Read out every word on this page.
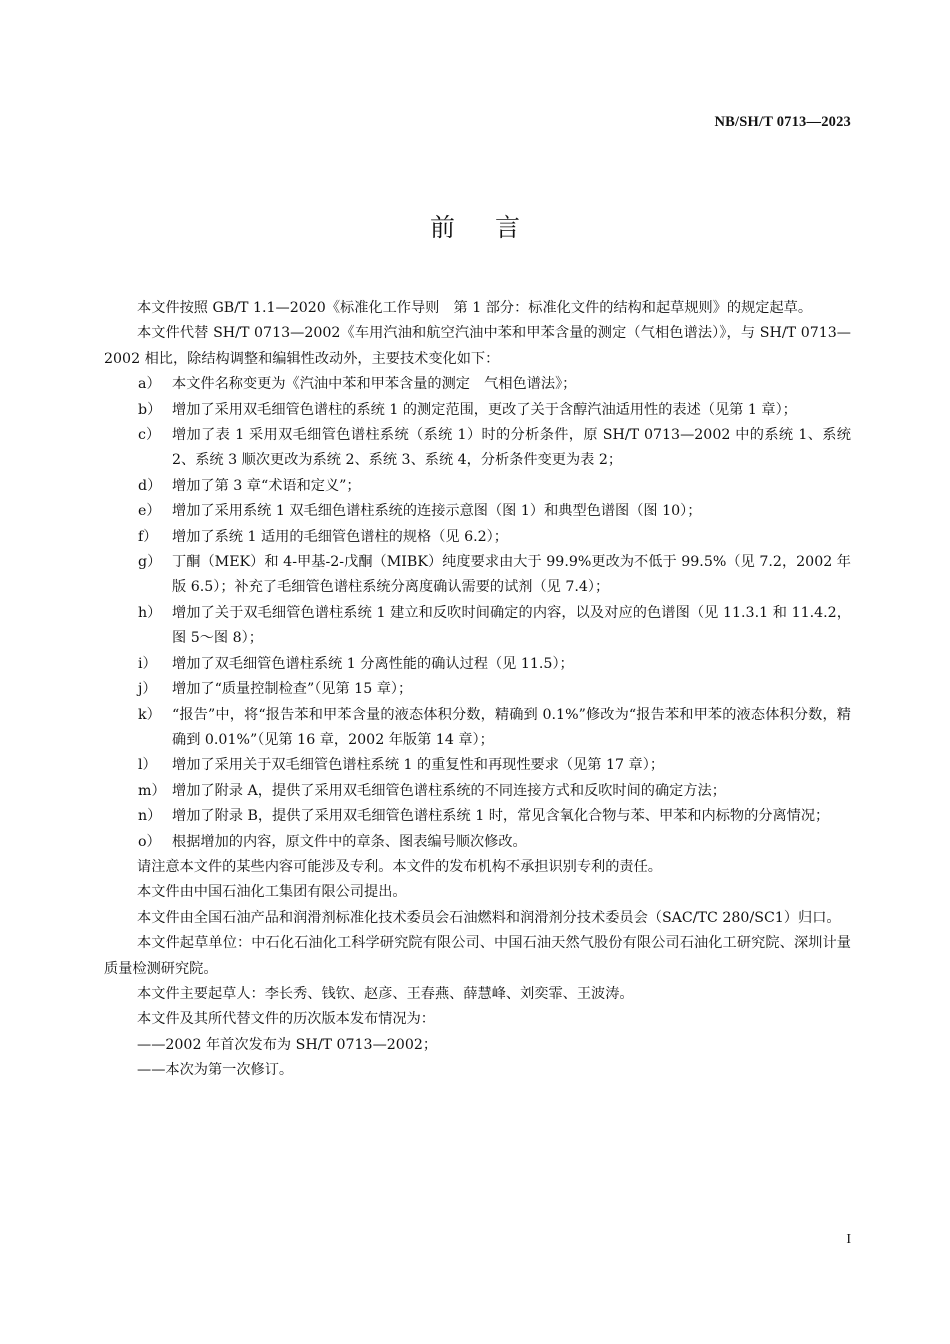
NB/SH/T 0713—2023
前言

本文件按照 GB/T 1.1—2020《标准化工作导则　第 1 部分：标准化文件的结构和起草规则》的规定起草。

本文件代替 SH/T 0713—2002《车用汽油和航空汽油中苯和甲苯含量的测定（气相色谱法）》，与 SH/T 0713—2002 相比，除结构调整和编辑性改动外，主要技术变化如下：

a） 本文件名称变更为《汽油中苯和甲苯含量的测定　气相色谱法》；

b） 增加了采用双毛细管色谱柱的系统 1 的测定范围，更改了关于含醇汽油适用性的表述（见第 1 章）；

c） 增加了表 1 采用双毛细管色谱柱系统（系统 1）时的分析条件，原 SH/T 0713—2002 中的系统 1、系统 2、系统 3 顺次更改为系统 2、系统 3、系统 4，分析条件变更为表 2；

d） 增加了第 3 章“术语和定义”；

e） 增加了采用系统 1 双毛细色谱柱系统的连接示意图（图 1）和典型色谱图（图 10）；

f） 增加了系统 1 适用的毛细管色谱柱的规格（见 6.2）；

g） 丁酮（MEK）和 4-甲基-2-戊酮（MIBK）纯度要求由大于 99.9%更改为不低于 99.5%（见 7.2，2002 年版 6.5）；补充了毛细管色谱柱系统分离度确认需要的试剂（见 7.4）；

h） 增加了关于双毛细管色谱柱系统 1 建立和反吹时间确定的内容，以及对应的色谱图（见 11.3.1 和 11.4.2，图 5～图 8）；

i） 增加了双毛细管色谱柱系统 1 分离性能的确认过程（见 11.5）；

j） 增加了“质量控制检查”（见第 15 章）；

k） “报告”中，将“报告苯和甲苯含量的液态体积分数，精确到 0.1%”修改为“报告苯和甲苯的液态体积分数，精确到 0.01%”（见第 16 章，2002 年版第 14 章）；

l） 增加了采用关于双毛细管色谱柱系统 1 的重复性和再现性要求（见第 17 章）；

m） 增加了附录 A，提供了采用双毛细管色谱柱系统的不同连接方式和反吹时间的确定方法；

n） 增加了附录 B，提供了采用双毛细管色谱柱系统 1 时，常见含氧化合物与苯、甲苯和内标物的分离情况；

o） 根据增加的内容，原文件中的章条、图表编号顺次修改。

请注意本文件的某些内容可能涉及专利。本文件的发布机构不承担识别专利的责任。

本文件由中国石油化工集团有限公司提出。

本文件由全国石油产品和润滑剂标准化技术委员会石油燃料和润滑剂分技术委员会（SAC/TC 280/SC1）归口。

本文件起草单位：中石化石油化工科学研究院有限公司、中国石油天然气股份有限公司石油化工研究院、深圳计量质量检测研究院。

本文件主要起草人：李长秀、钱钦、赵彦、王春燕、薛慧峰、刘奕霏、王波涛。

本文件及其所代替文件的历次版本发布情况为：

——2002 年首次发布为 SH/T 0713—2002；

——本次为第一次修订。

I
